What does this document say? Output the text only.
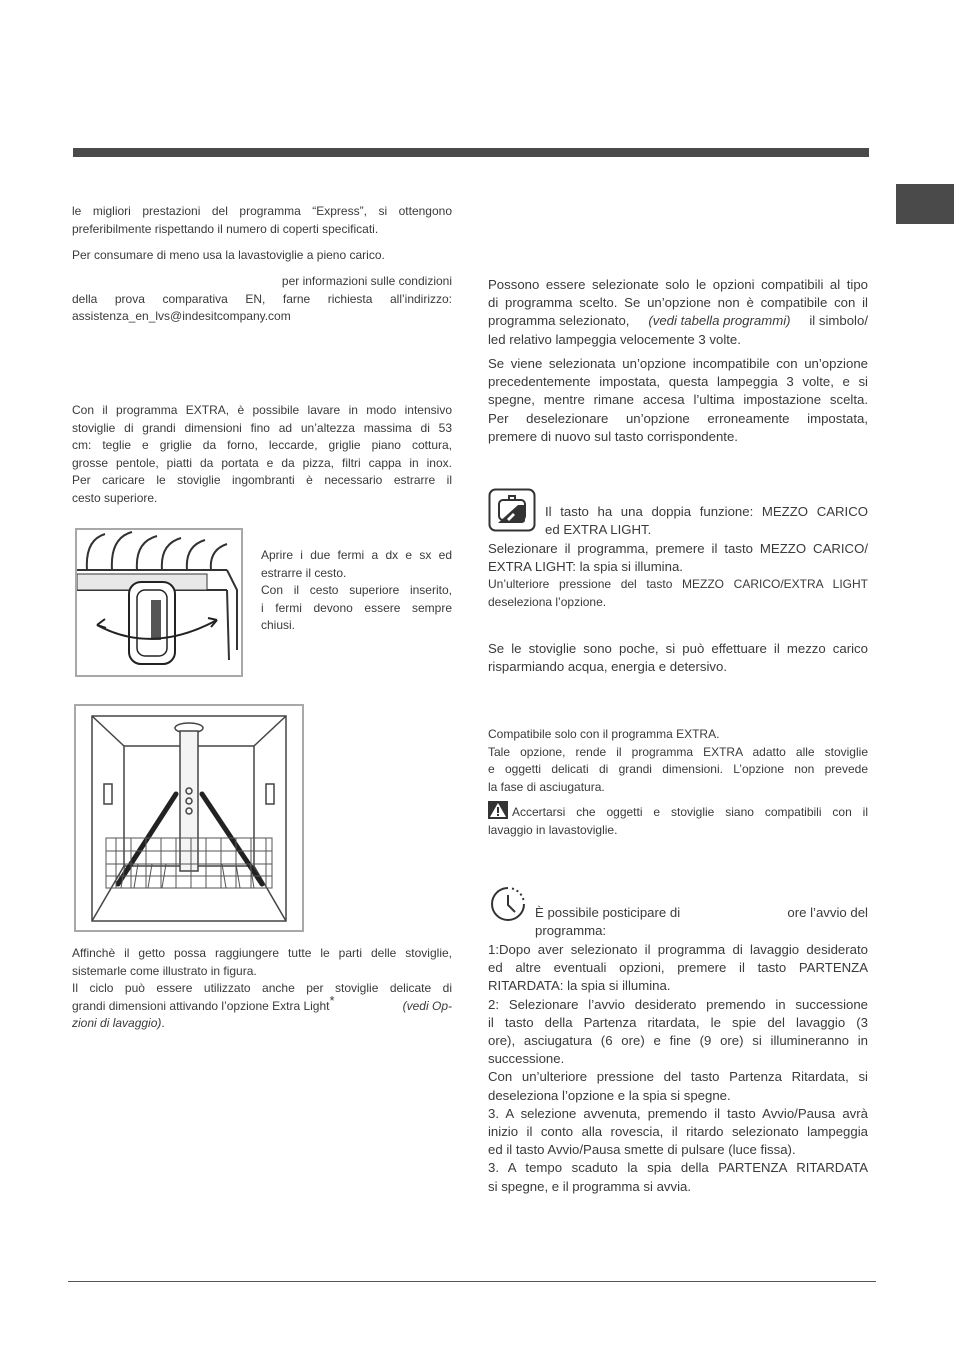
le migliori prestazioni del programma “Express”, si ottengono
preferibilmente rispettando il numero di coperti specificati.
Per consumare di meno usa la lavastoviglie a pieno carico.
per informazioni sulle condizioni
della prova comparativa EN, farne richiesta all’indirizzo:
assistenza_en_lvs@indesitcompany.com
Con il programma EXTRA, è possibile lavare in modo intensivo
stoviglie di grandi dimensioni fino ad un’altezza massima di 53
cm: teglie e griglie da forno, leccarde, griglie piano cottura,
grosse pentole, piatti da portata e da pizza, filtri cappa in inox.
Per caricare le stoviglie ingombranti è necessario estrarre il
cesto superiore.
Aprire i due fermi a dx e sx ed
estrarre il cesto.
Con il cesto superiore inserito,
i fermi devono essere sempre
chiusi.
Affinchè il getto possa raggiungere tutte le parti delle stoviglie,
sistemarle come illustrato in figura.
Il ciclo può essere utilizzato anche per stoviglie delicate di
grandi dimensioni attivando l’opzione Extra Light*	(vedi Op-
zioni di lavaggio).
Possono essere selezionate solo le opzioni compatibili al tipo
di programma scelto. Se un’opzione non è compatibile con il
programma selezionato, (vedi tabella programmi) il simbolo/
led relativo lampeggia velocemente 3 volte.
Se viene selezionata un’opzione incompatibile con un’opzione
precedentemente impostata, questa lampeggia 3 volte, e si
spegne, mentre rimane accesa l’ultima impostazione scelta.
Per deselezionare un’opzione erroneamente impostata,
premere di nuovo sul tasto corrispondente.
Il tasto ha una doppia funzione: MEZZO CARICO
ed EXTRA LIGHT.
Selezionare il programma, premere il tasto MEZZO CARICO/
EXTRA LIGHT: la spia si illumina.
Un’ulteriore pressione del tasto MEZZO CARICO/EXTRA LIGHT
deseleziona l’opzione.
Se le stoviglie sono poche, si può effettuare il mezzo carico
risparmiando acqua, energia e detersivo.
Compatibile solo con il programma EXTRA.
Tale opzione, rende il programma EXTRA adatto alle stoviglie
e oggetti delicati di grandi dimensioni. L’opzione non prevede
la fase di asciugatura.
Accertarsi che oggetti e stoviglie siano compatibili con il
lavaggio in lavastoviglie.
È possibile posticipare di	ore l’avvio del
programma:
1:Dopo aver selezionato il programma di lavaggio desiderato
ed altre eventuali opzioni, premere il tasto PARTENZA
RITARDATA: la spia si illumina.
2: Selezionare l’avvio desiderato premendo in successione
il tasto della Partenza ritardata, le spie del lavaggio (3
ore), asciugatura (6 ore) e fine (9 ore) si illumineranno in
successione.
Con un’ulteriore pressione del tasto Partenza Ritardata, si
deseleziona l’opzione e la spia si spegne.
3. A selezione avvenuta, premendo il tasto Avvio/Pausa avrà
inizio il conto alla rovescia, il ritardo selezionato lampeggia
ed il tasto Avvio/Pausa smette di pulsare (luce fissa).
3. A tempo scaduto la spia della PARTENZA RITARDATA
si spegne, e il programma si avvia.
